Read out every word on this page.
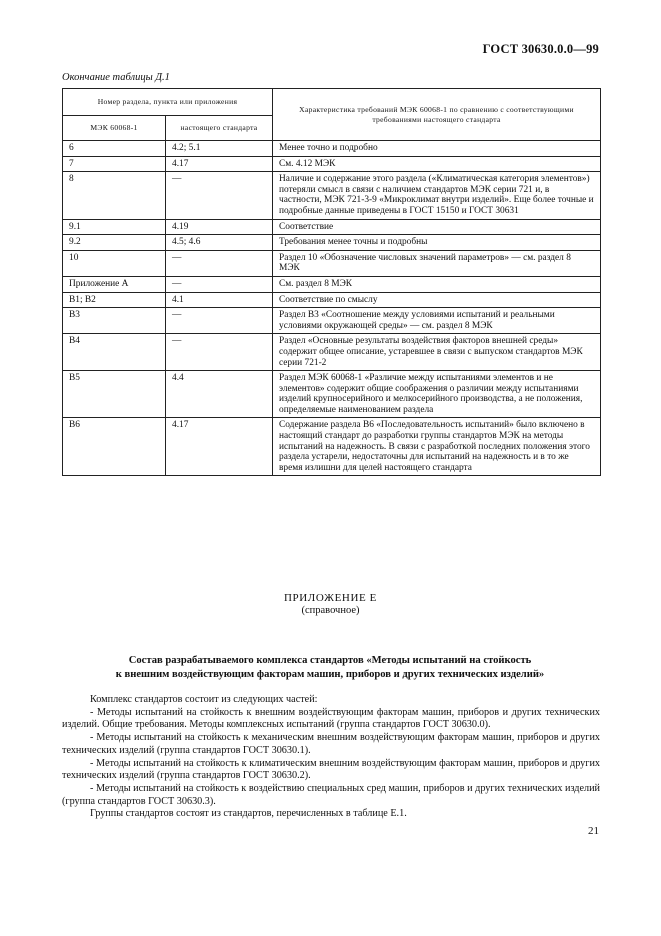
ГОСТ 30630.0.0—99
Окончание таблицы Д.1
Номер раздела, пункта или приложения		Характеристика требований МЭК 60068-1 по сравнению с соответствующими требованиями настоящего стандарта
МЭК 60068-1	настоящего стандарта	
6	4.2; 5.1	Менее точно и подробно
7	4.17	См. 4.12 МЭК
8	—	Наличие и содержание этого раздела («Климатическая категория элементов») потеряли смысл в связи с наличием стандартов МЭК серии 721 и, в частности, МЭК 721-3-9 «Микроклимат внутри изделий». Еще более точные и подробные данные приведены в ГОСТ 15150 и ГОСТ 30631
9.1	4.19	Соответствие
9.2	4.5; 4.6	Требования менее точны и подробны
10	—	Раздел 10 «Обозначение числовых значений параметров» — см. раздел 8 МЭК
Приложение А	—	См. раздел 8 МЭК
В1; В2	4.1	Соответствие по смыслу
В3	—	Раздел В3 «Соотношение между условиями испытаний и реальными условиями окружающей среды» — см. раздел 8 МЭК
В4	—	Раздел «Основные результаты воздействия факторов внешней среды» содержит общее описание, устаревшее в связи с выпуском стандартов МЭК серии 721-2
В5	4.4	Раздел МЭК 60068-1 «Различие между испытаниями элементов и не элементов» содержит общие соображения о различии между испытаниями изделий крупносерийного и мелкосерийного производства, а не положения, определяемые наименованием раздела
В6	4.17	Содержание раздела В6 «Последовательность испытаний» было включено в настоящий стандарт до разработки группы стандартов МЭК на методы испытаний на надежность. В связи с разработкой последних положения этого раздела устарели, недостаточны для испытаний на надежность и в то же время излишни для целей настоящего стандарта
ПРИЛОЖЕНИЕ Е
(справочное)
Состав разрабатываемого комплекса стандартов «Методы испытаний на стойкость
к внешним воздействующим факторам машин, приборов и других технических изделий»

Комплекс стандартов состоит из следующих частей:

- Методы испытаний на стойкость к внешним воздействующим факторам машин, приборов и других технических изделий. Общие требования. Методы комплексных испытаний (группа стандартов ГОСТ 30630.0).

- Методы испытаний на стойкость к механическим внешним воздействующим факторам машин, приборов и других технических изделий (группа стандартов ГОСТ 30630.1).

- Методы испытаний на стойкость к климатическим внешним воздействующим факторам машин, приборов и других технических изделий (группа стандартов ГОСТ 30630.2).

- Методы испытаний на стойкость к воздействию специальных сред машин, приборов и других технических изделий (группа стандартов ГОСТ 30630.3).

Группы стандартов состоят из стандартов, перечисленных в таблице Е.1.

21
